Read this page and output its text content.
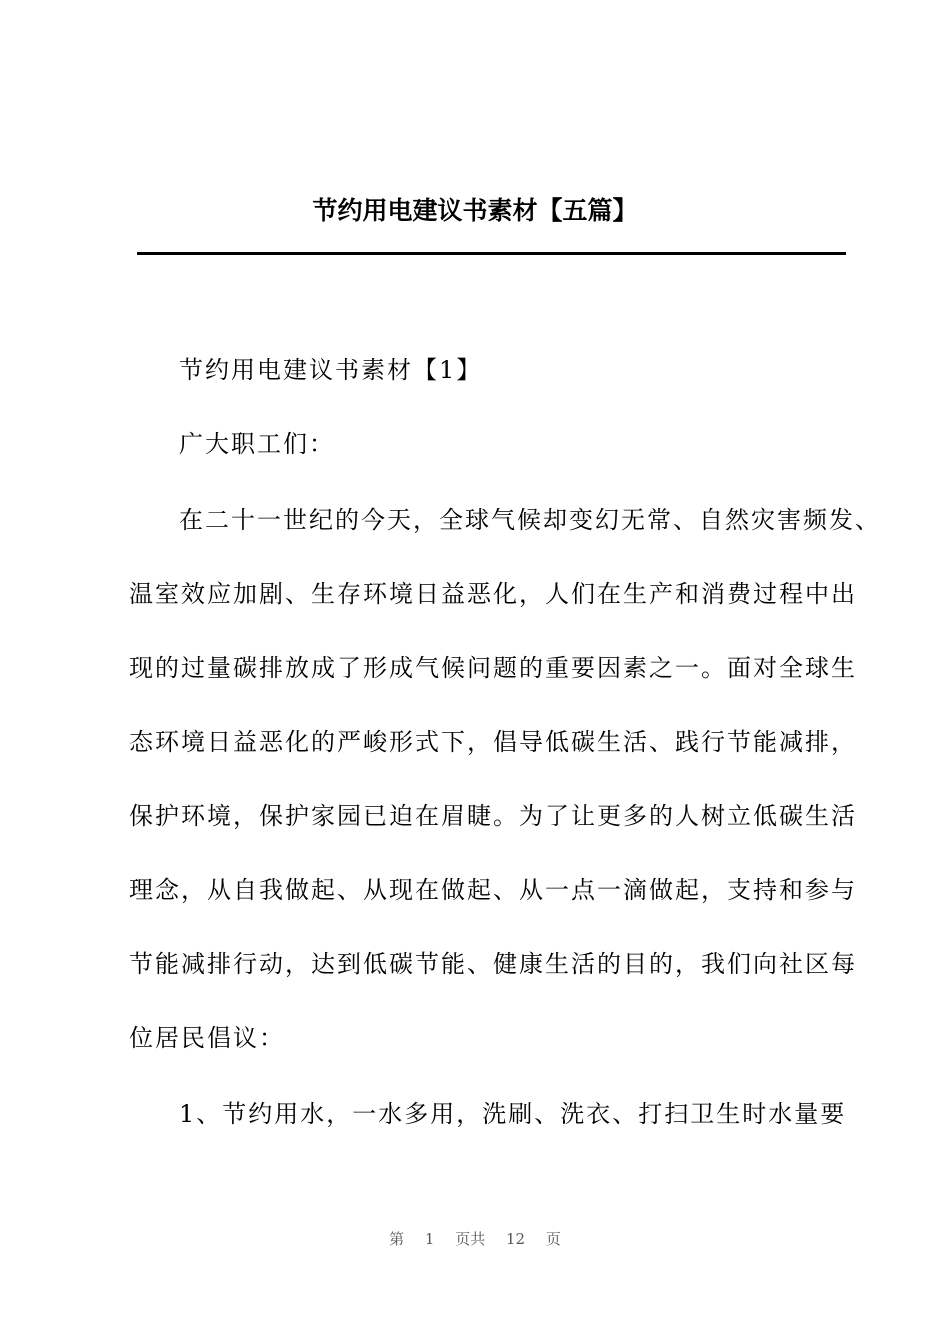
节约用电建议书素材【五篇】
节约用电建议书素材【1】
广大职工们：
在二十一世纪的今天，全球气候却变幻无常、自然灾害频发、
温室效应加剧、生存环境日益恶化，人们在生产和消费过程中出
现的过量碳排放成了形成气候问题的重要因素之一。面对全球生
态环境日益恶化的严峻形式下，倡导低碳生活、践行节能减排，
保护环境，保护家园已迫在眉睫。为了让更多的人树立低碳生活
理念，从自我做起、从现在做起、从一点一滴做起，支持和参与
节能减排行动，达到低碳节能、健康生活的目的，我们向社区每
位居民倡议：
1、节约用水，一水多用，洗刷、洗衣、打扫卫生时水量要
第 1 页共 12 页
